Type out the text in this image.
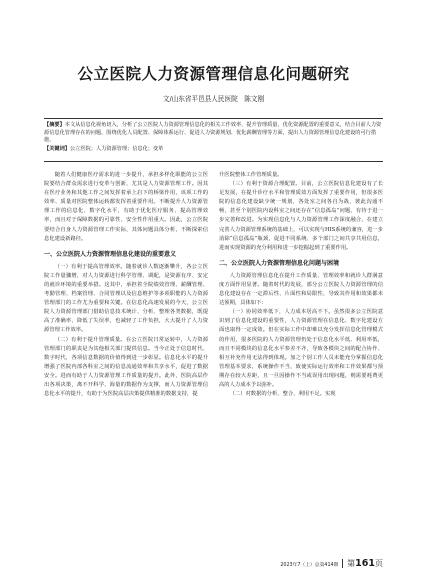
公立医院人力资源管理信息化问题研究
文/山东省平邑县人民医院　陈文刚
【摘要】本文从信息化视角切入，分析了公立医院人力资源管理信息化的相关工作效率、提升管理质量、优化资源配置的重要意义，结合目前人力资源信息化管理存在的问题，围绕优化人员配置、保障体系运行、促进人力资源规划、优化薪酬管理等方面，提出人力资源管理信息化建设的可行措施。
【关键词】公立医院；人力资源管理；信息化；变革

随着人们健康医疗需求的进一步提升，承担多样化职能的公立医院要结合群众需求进行变革与创新，尤其是人力资源管理工作。因其在医疗业务和其他工作之间发挥着承上启下的桥梁作用，该项工作的效率、质量对医院整体运转都发挥着重要作用。不断提升人力资源管理工作的信息化、数字化水平，有助于优化医疗服务、提高管理效率，而且对于保障数据的可靠性、安全性作用重大。因此，公立医院要结合自身人力资源管理工作实际，其体问题具体分析，不断探索信息化建设新路径。

一、公立医院人力资源管理信息化建设的重要意义

（一）有利于提高管理效率。随着就诊人数逐渐攀升，各公立医院工作量骤增，对人力资源进行科学管理、调配，是资源有序、安定的就诊环境的重要举措。这其中，承担着全院绩效管理、薪酬管理、考勤管理、档案管理、合同管理以及信息维护等多项职能的人力资源管理部门的工作尤为重要和关键。在信息化高速发展的今天，公立医院人力资源管理部门借助信息技术统计、分析、整理各类数据，既提高了准确率，降低了失误率，也减轻了工作负担，大大提升了人力资源管理工作效率。

（二）有利于提升管理质量。在公立医院日常运转中，人力资源管理部门的职责是为其他相关部门提供信息。当今正处于信息时代、数字时代，各项信息数据的价值得到进一步彰显。信息化水平的提升增强了医院内部各科室之间的信息流通效率和共享水平，促进了数据安全。进而有助于人力资源管理工作质量的提升。此外，医院高层作出各项决策，离不开科学、海量的数据作为支撑，而人力资源管理信息化水平的提升，有助于为医院高层决策提供精准的数据支持，提

升医院整体工作管理质量。

（三）有利于资源合理配置。目前，公立医院信息化建设有了长足发展，在提升诊疗水平和管理质效方面发挥了重要作用，但很多医院的信息化建设缺少统一规划，各处室之间各自为战，彼此沟通不畅，甚至个别医院内设科室之间还存在“信息孤岛”问题，有待于进一步完善和改进。为实现信息化与人力资源管理工作深度融合，在建立完善人力资源管理系统的基础上，可以实现与HIS系统的兼容，进一步消除“信息孤岛”瓶颈，促进不同系统、多个部门之间共享共用信息，进而实现资源的充分利用和进一步挖掘起到了重要作用。

二、公立医院人力资源管理信息化问题与困境

人力资源管理信息化在提升工作质量、管理效率和就诊人群满意度方面作用显著。随着时代的发展，部分公立医院人力资源管理的信息化建设存在一定滞后性、片面性和局限性，导致其作用和效果都未达预期，具体如下：

（一）协同效率低下，人力成本居高不下。虽然很多公立医院意识到了信息化建设的重要性，人力资源管理在信息化、数字化建设方面也取得一定成效。但在实际工作中却难以充分发挥信息化管理模式的作用，很多医院的人力资源管理仍处于信息化水平低、利用率低，而且不同模块的信息化水平参差不齐，导致各模块之间的配合协作、相互补充作用无法得到体现。加之个别工作人员未能充分掌握信息化管理基本要求，系统操作不当，致使实际运行效率和工作效果都与预期存在较大差距，且一旦因操作不当或误用出现问题，则需要耗费更高的人力成本予以弥补。

（二）对数据的分析、整合、利用不足。实现

2023年7（上）总第414期 第161页
